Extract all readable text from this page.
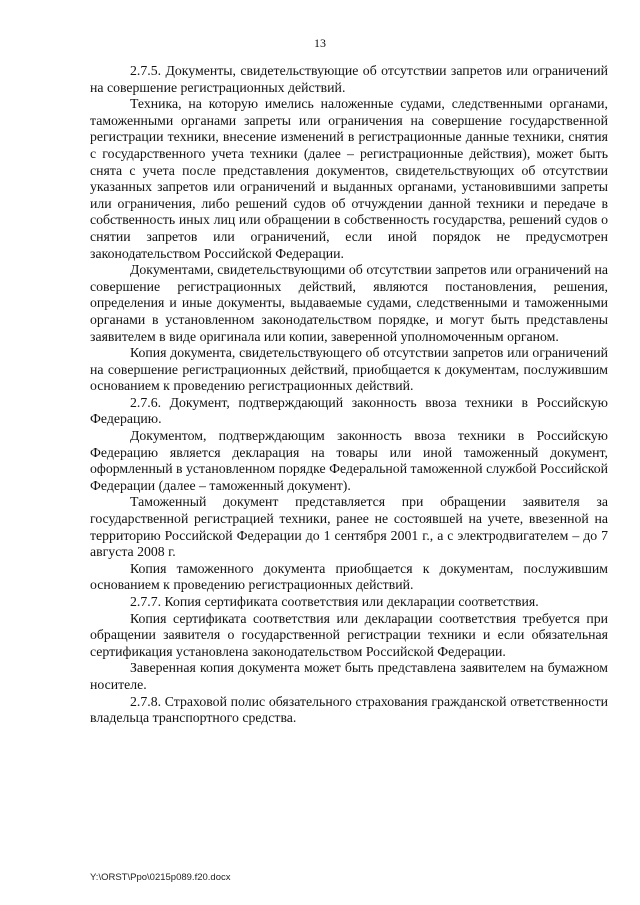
13

2.7.5. Документы, свидетельствующие об отсутствии запретов или ограничений на совершение регистрационных действий.

Техника, на которую имелись наложенные судами, следственными органами, таможенными органами запреты или ограничения на совершение государственной регистрации техники, внесение изменений в регистрационные данные техники, снятия с государственного учета техники (далее – регистрационные действия), может быть снята с учета после представления документов, свидетельствующих об отсутствии указанных запретов или ограничений и выданных органами, установившими запреты или ограничения, либо решений судов об отчуждении данной техники и передаче в собственность иных лиц или обращении в собственность государства, решений судов о снятии запретов или ограничений, если иной порядок не предусмотрен законодательством Российской Федерации.

Документами, свидетельствующими об отсутствии запретов или ограничений на совершение регистрационных действий, являются постановления, решения, определения и иные документы, выдаваемые судами, следственными и таможенными органами в установленном законодательством порядке, и могут быть представлены заявителем в виде оригинала или копии, заверенной уполномоченным органом.

Копия документа, свидетельствующего об отсутствии запретов или ограничений на совершение регистрационных действий, приобщается к документам, послужившим основанием к проведению регистрационных действий.

2.7.6. Документ, подтверждающий законность ввоза техники в Российскую Федерацию.

Документом, подтверждающим законность ввоза техники в Российскую Федерацию является декларация на товары или иной таможенный документ, оформленный в установленном порядке Федеральной таможенной службой Российской Федерации (далее – таможенный документ).

Таможенный документ представляется при обращении заявителя за государственной регистрацией техники, ранее не состоявшей на учете, ввезенной на территорию Российской Федерации до 1 сентября 2001 г., а с электродвигателем – до 7 августа 2008 г.

Копия таможенного документа приобщается к документам, послужившим основанием к проведению регистрационных действий.

2.7.7. Копия сертификата соответствия или декларации соответствия.

Копия сертификата соответствия или декларации соответствия требуется при обращении заявителя о государственной регистрации техники и если обязательная сертификация установлена законодательством Российской Федерации.

Заверенная копия документа может быть представлена заявителем на бумажном носителе.

2.7.8. Страховой полис обязательного страхования гражданской ответственности владельца транспортного средства.

Y:\ORST\Ppo\0215p089.f20.docx
